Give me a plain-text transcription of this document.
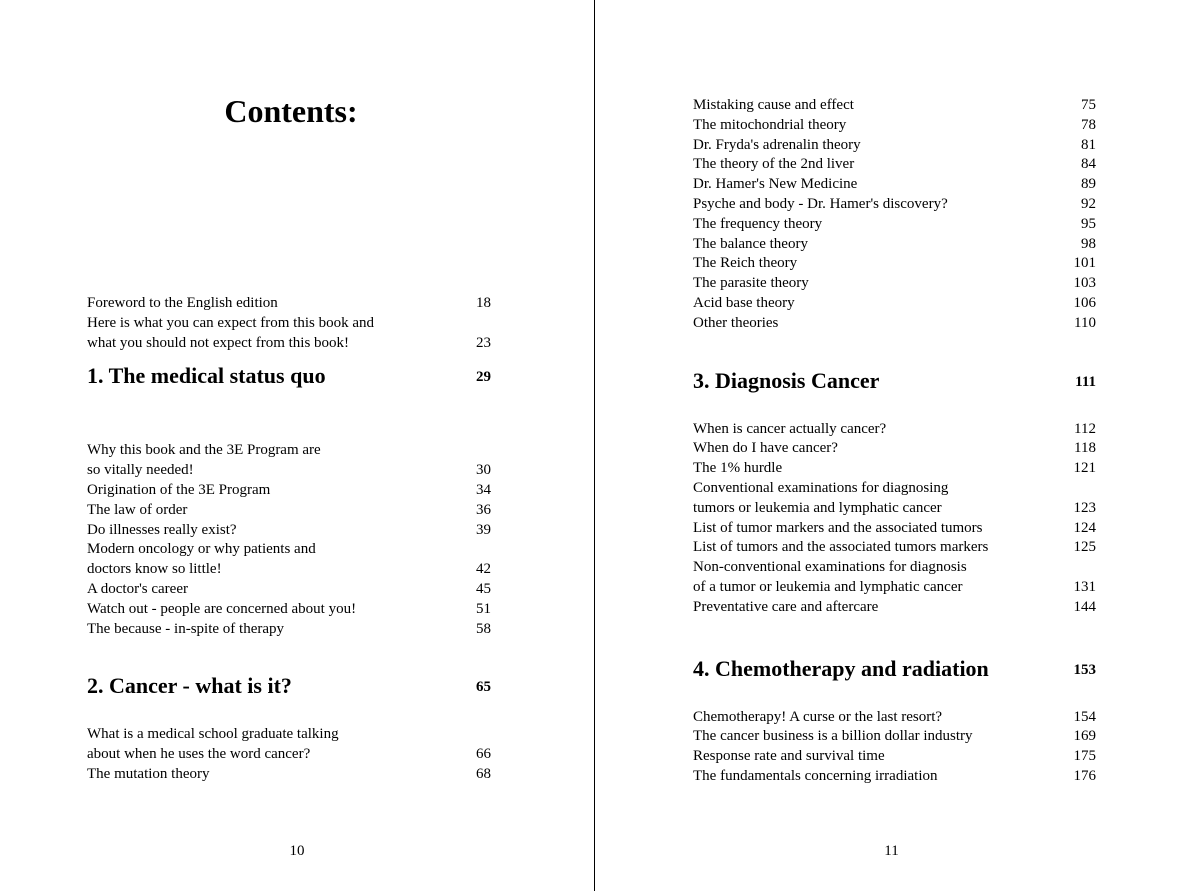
Contents:
Foreword to the English edition	18
Here is what you can expect from this book and
what you should not expect from this book!	23
1. The medical status quo	29
Why this book and the 3E Program are
so vitally needed!	30
Origination of the 3E Program	34
The law of order	36
Do illnesses really exist?	39
Modern oncology or why patients and
doctors know so little!	42
A doctor's career	45
Watch out - people are concerned about you!	51
The because - in-spite of therapy	58
2. Cancer - what is it?	65
What is a medical school graduate talking
about when he uses the word cancer?	66
The mutation theory	68
10
Mistaking cause and effect	75
The mitochondrial theory	78
Dr. Fryda's adrenalin theory	81
The theory of the 2nd liver	84
Dr. Hamer's New Medicine	89
Psyche and body - Dr. Hamer's discovery?	92
The frequency theory	95
The balance theory	98
The Reich theory	101
The parasite theory	103
Acid base theory	106
Other theories	110
3. Diagnosis Cancer	111
When is cancer actually cancer?	112
When do I have cancer?	118
The 1% hurdle	121
Conventional examinations for diagnosing
tumors or leukemia and lymphatic cancer	123
List of tumor markers and the associated tumors	124
List of tumors and the associated tumors markers	125
Non-conventional examinations for diagnosis
of a tumor or leukemia and lymphatic cancer	131
Preventative care and aftercare	144
4. Chemotherapy and radiation	153
Chemotherapy! A curse or the last resort?	154
The cancer business is a billion dollar industry	169
Response rate and survival time	175
The fundamentals concerning irradiation	176
11
